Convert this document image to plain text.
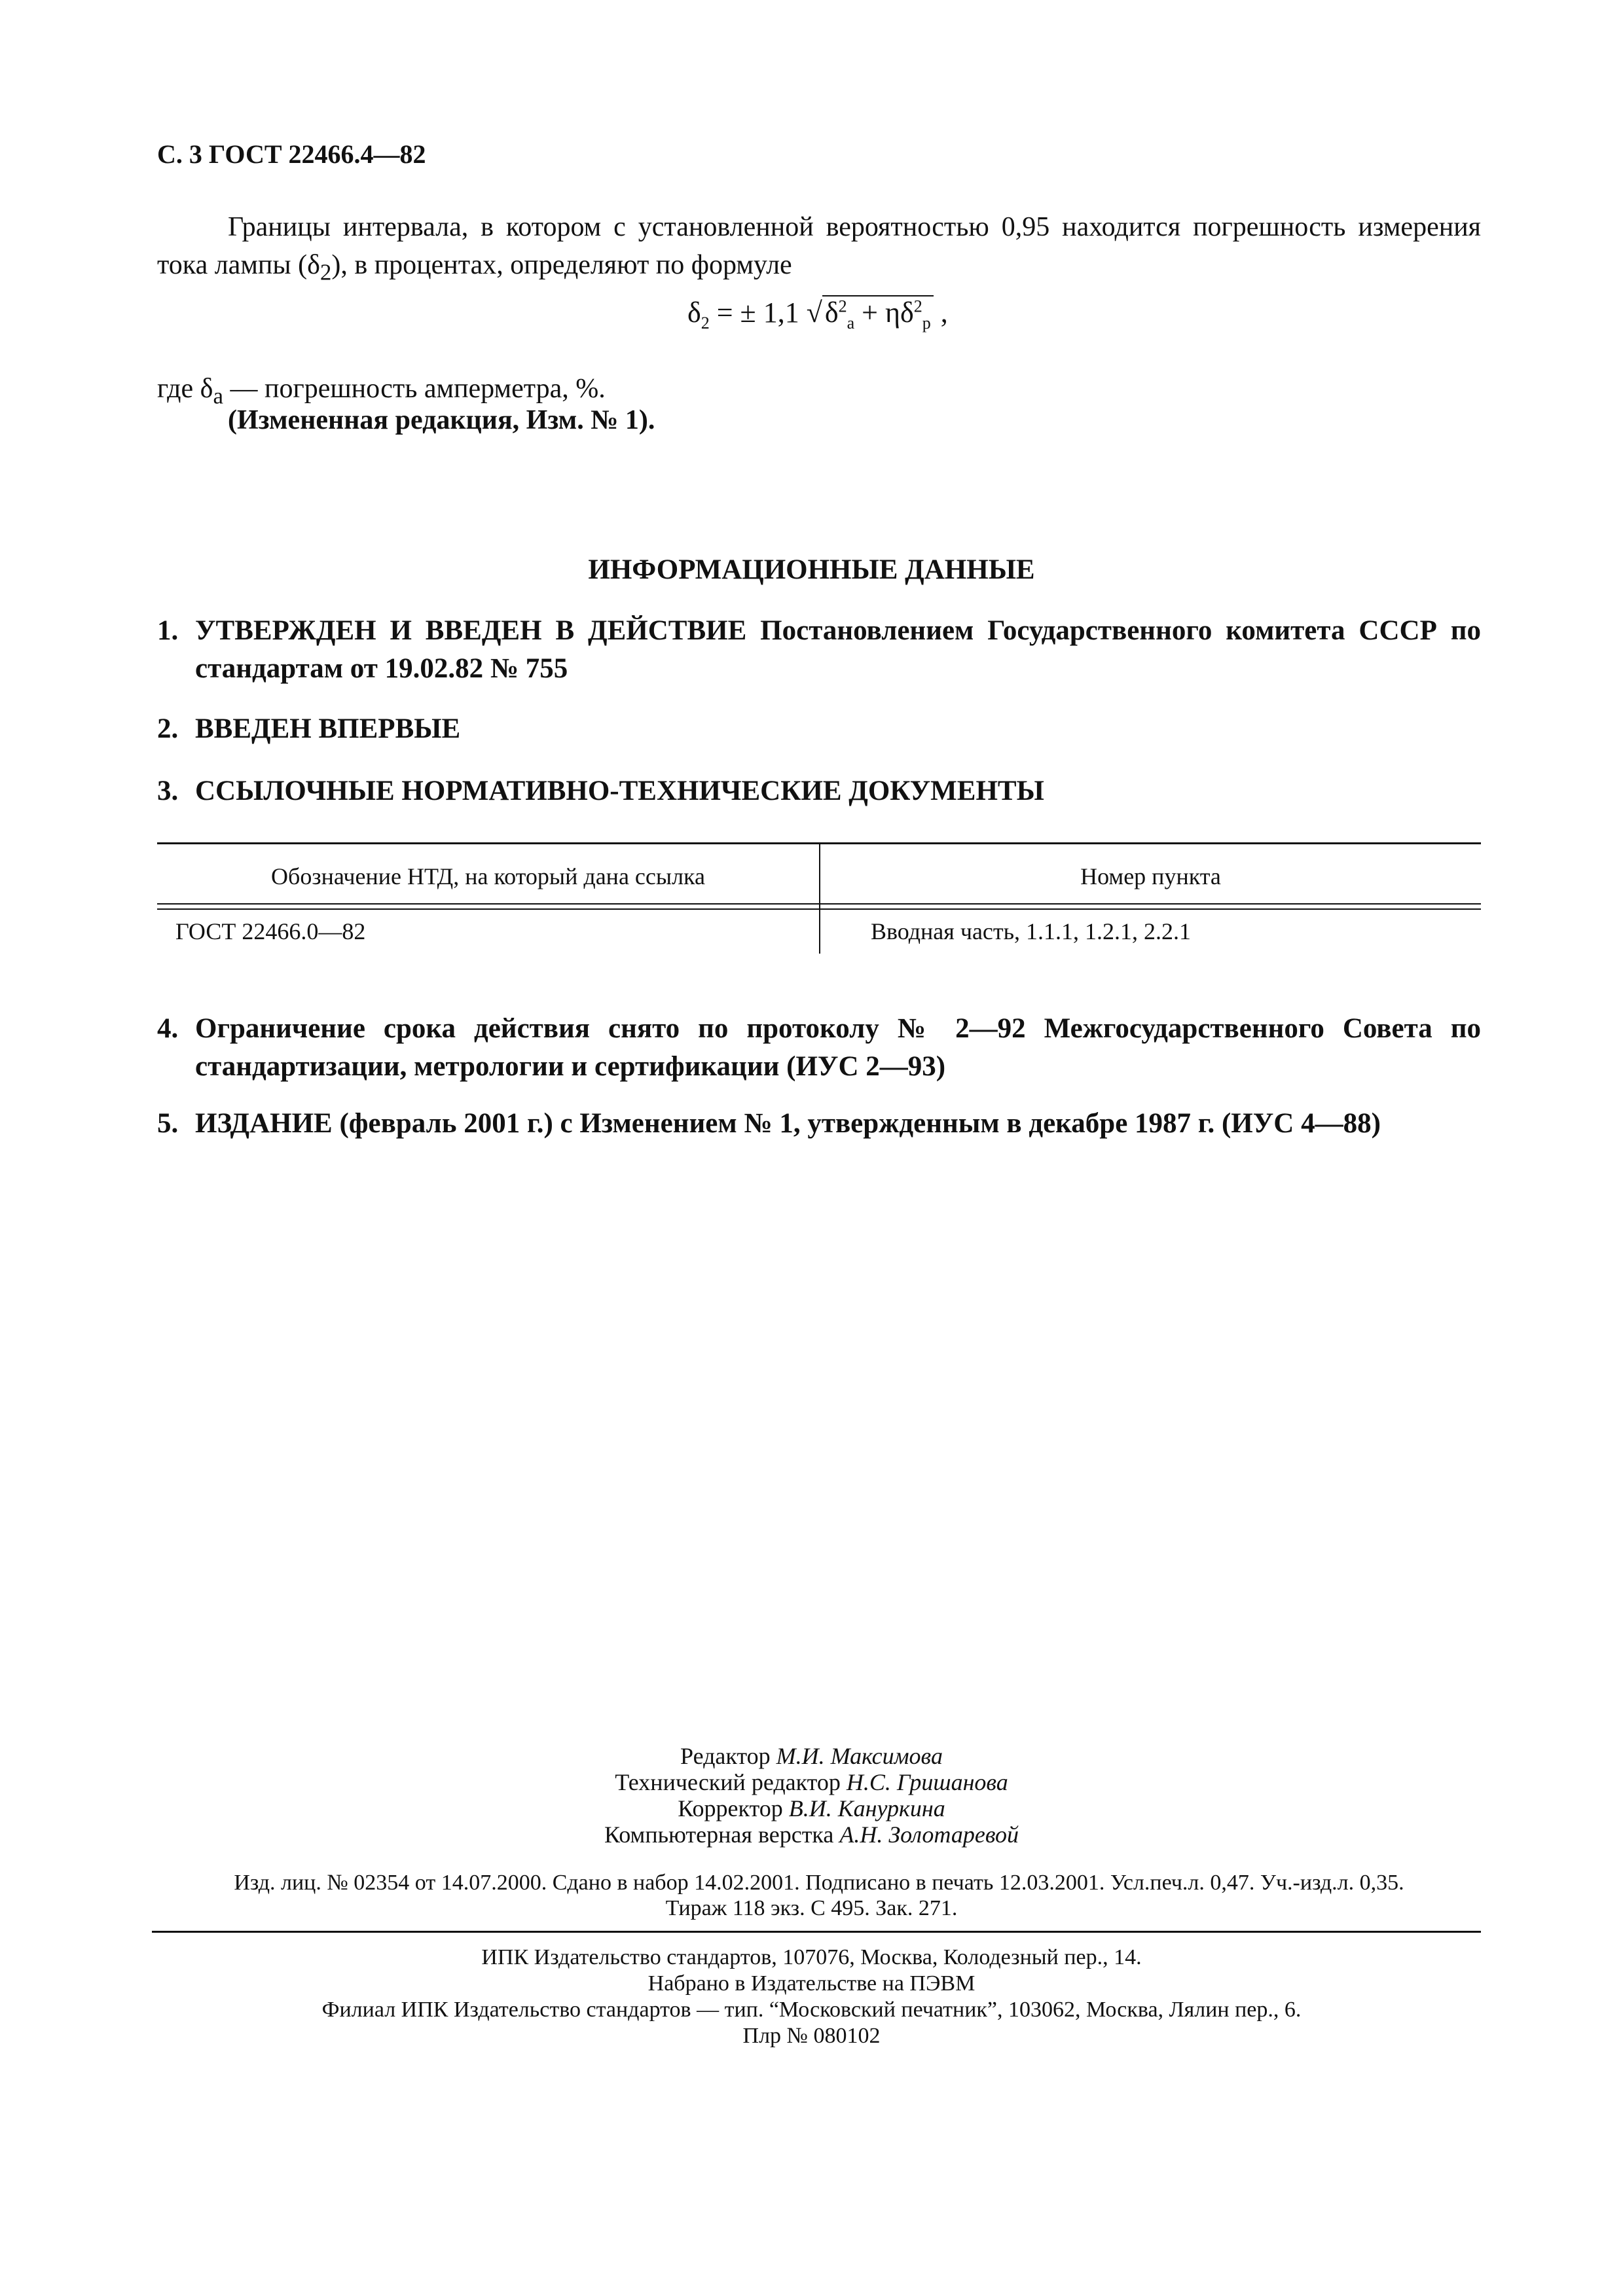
С. 3 ГОСТ 22466.4—82
Границы интервала, в котором с установленной вероятностью 0,95 находится погрешность измерения тока лампы $(\delta_2)$, в процентах, определяют по формуле
$\delta_2$ = ± 1,1 $√\delta^2_a + \eta\delta^2_p$ ,
где $\delta_a$ — погрешность амперметра, %.
(Измененная редакция, Изм. № 1).
ИНФОРМАЦИОННЫЕ ДАННЫЕ
1. УТВЕРЖДЕН И ВВЕДЕН В ДЕЙСТВИЕ Постановлением Государственного комитета СССР по стандартам от 19.02.82 № 755
2. ВВЕДЕН ВПЕРВЫЕ
3. ССЫЛОЧНЫЕ НОРМАТИВНО-ТЕХНИЧЕСКИЕ ДОКУМЕНТЫ
Обозначение НТД, на который дана ссылка	Номер пункта
ГОСТ 22466.0—82	Вводная часть, 1.1.1, 1.2.1, 2.2.1
4. Ограничение срока действия снято по протоколу № 2—92 Межгосударственного Совета по стандартизации, метрологии и сертификации (ИУС 2—93)
5. ИЗДАНИЕ (февраль 2001 г.) с Изменением № 1, утвержденным в декабре 1987 г. (ИУС 4—88)
Редактор М.И. Максимова
Технический редактор Н.С. Гришанова
Корректор В.И. Кануркина
Компьютерная верстка А.Н. Золотаревой
Изд. лиц. № 02354 от 14.07.2000. Сдано в набор 14.02.2001. Подписано в печать 12.03.2001. Усл.печ.л. 0,47. Уч.-изд.л. 0,35.
Тираж 118 экз. С 495. Зак. 271.
ИПК Издательство стандартов, 107076, Москва, Колодезный пер., 14.
Набрано в Издательстве на ПЭВМ
Филиал ИПК Издательство стандартов — тип. “Московский печатник”, 103062, Москва, Лялин пер., 6.
Плр № 080102
